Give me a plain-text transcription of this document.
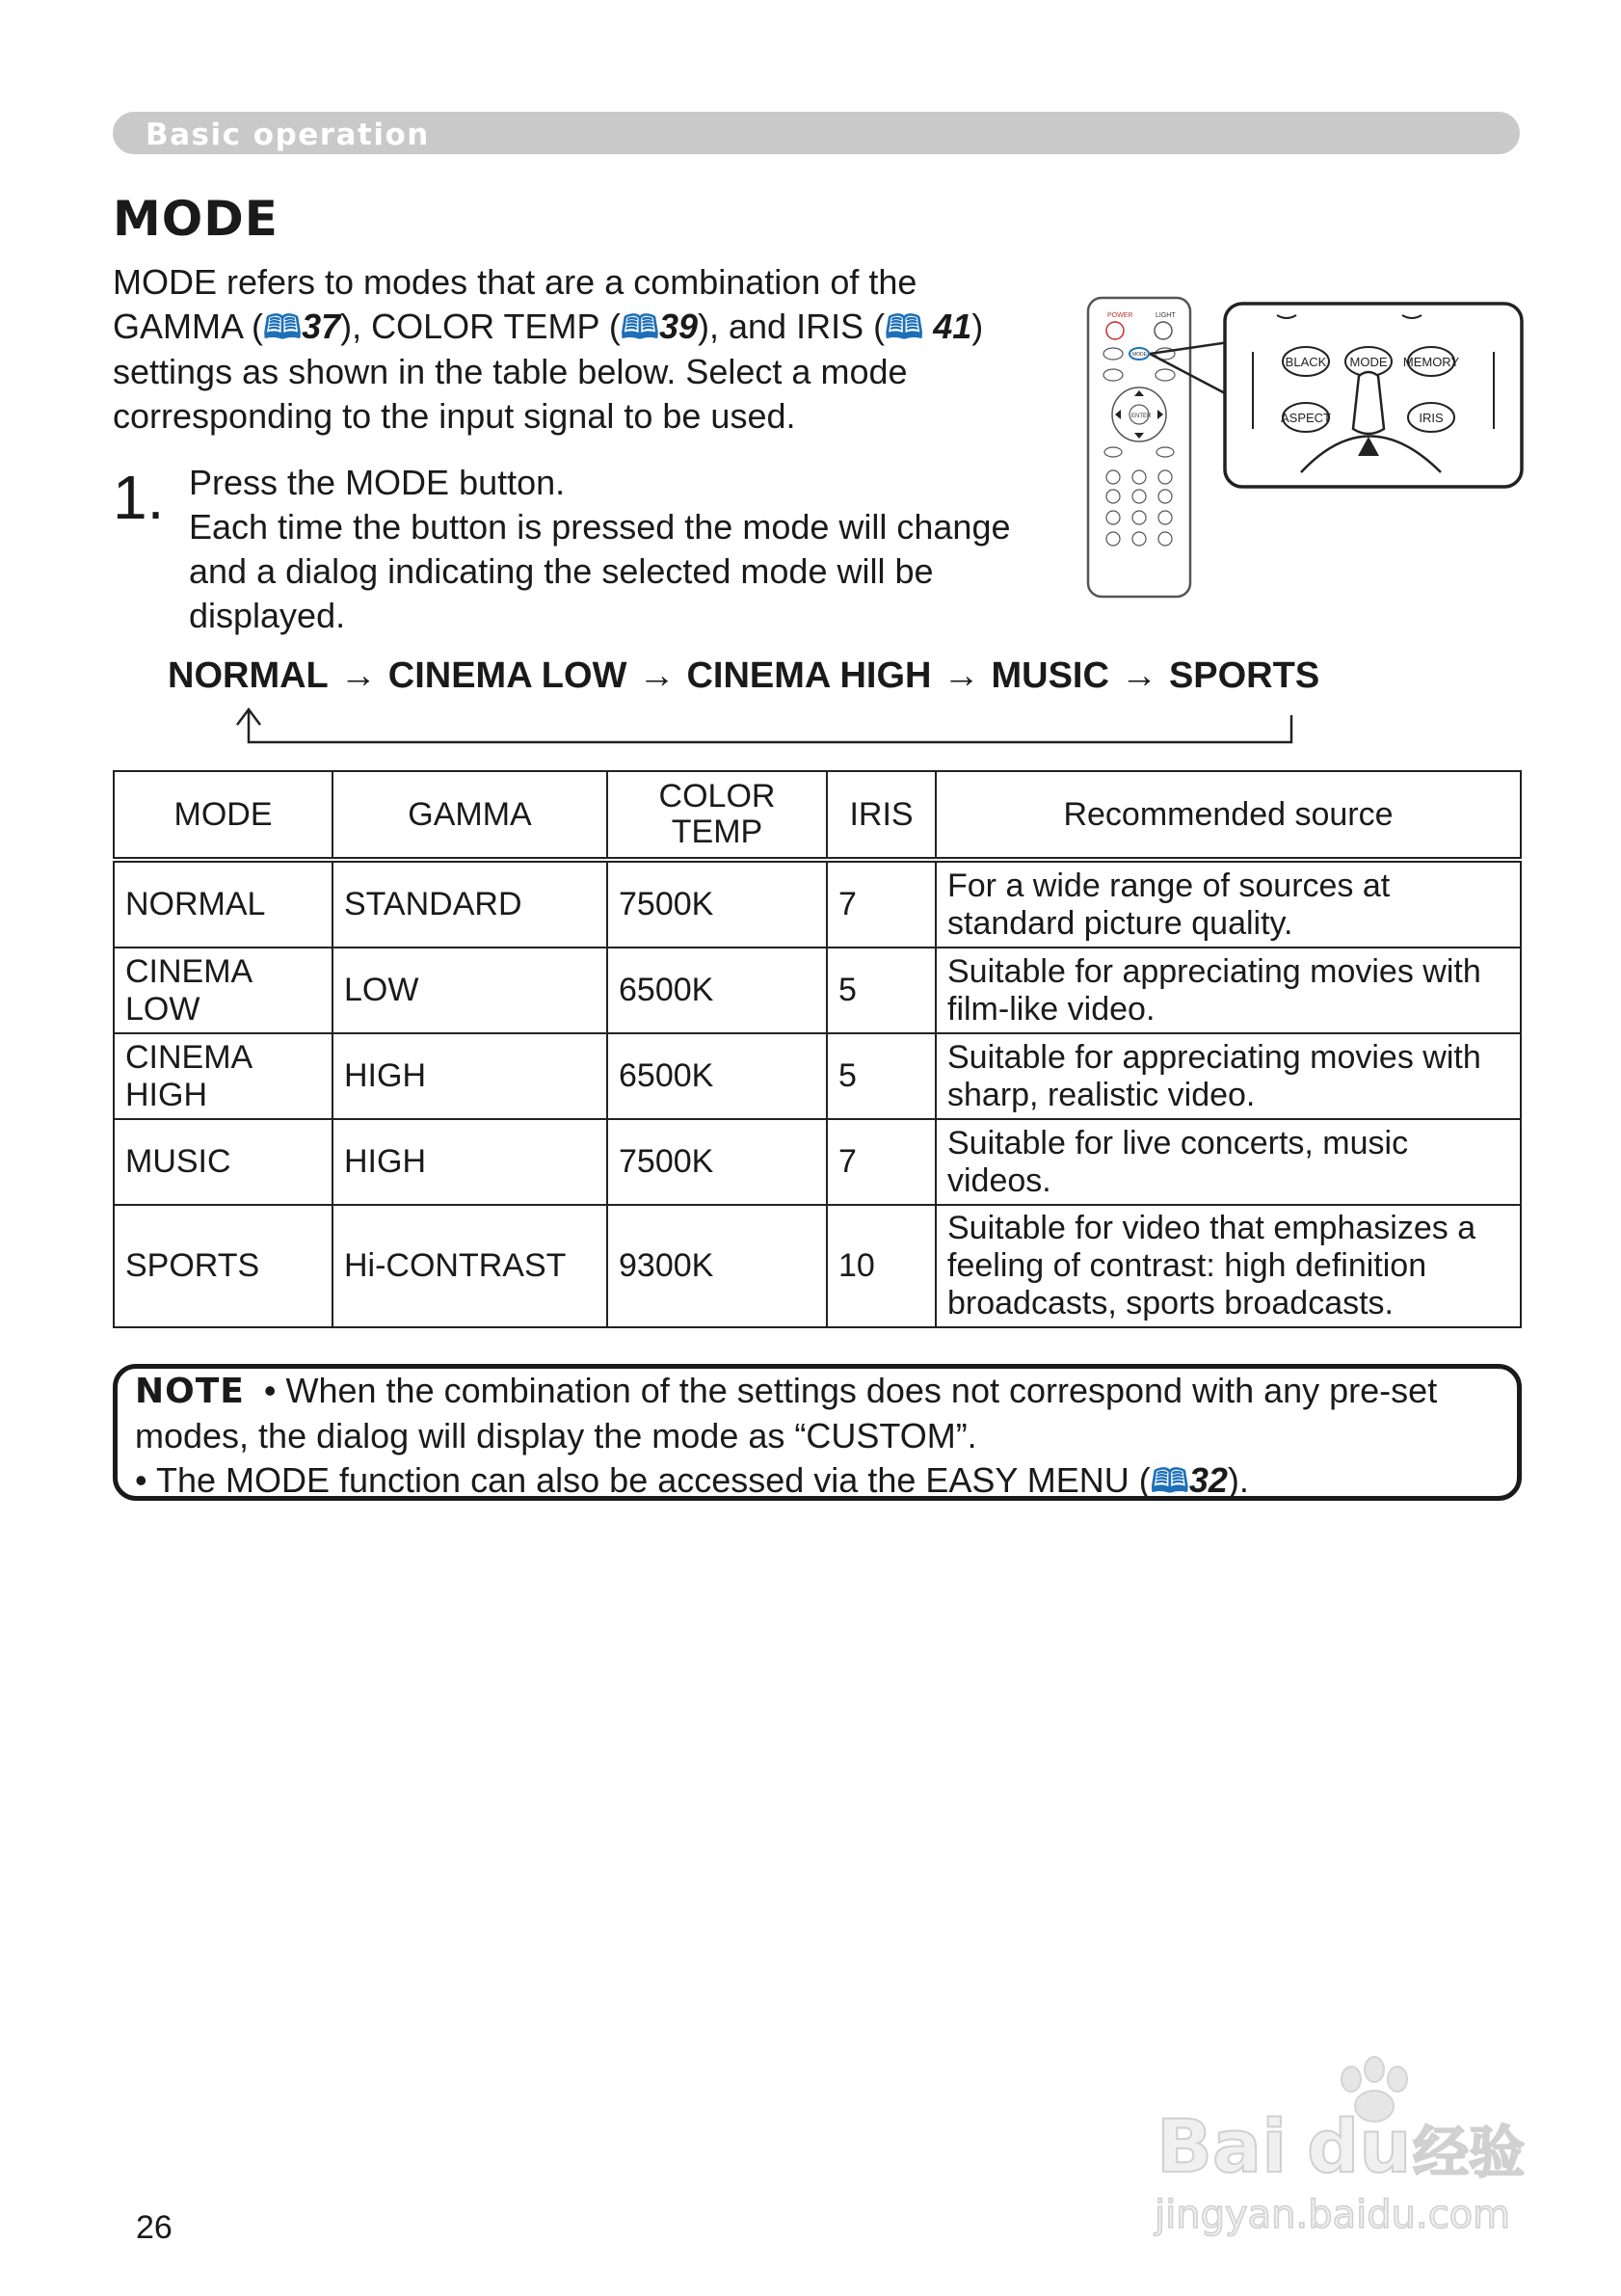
Basic operation
MODE

MODE refers to modes that are a combination of the GAMMA (🕮37), COLOR TEMP (🕮39), and IRIS (🕮 41) settings as shown in the table below. Select a mode corresponding to the input signal to be used.

1. Press the MODE button.
Each time the button is pressed the mode will change and a dialog indicating the selected mode will be displayed.

POWER	LIGHT
MODE
ENTER
BLACK MODE MEMORY
ASPECT	IRIS
NORMAL → CINEMA LOW → CINEMA HIGH → MUSIC → SPORTS
MODE	GAMMA	COLOR TEMP	IRIS	Recommended source
NORMAL	STANDARD	7500K	7	For a wide range of sources at standard picture quality.
CINEMA LOW	LOW	6500K	5	Suitable for appreciating movies with film-like video.
CINEMA HIGH	HIGH	6500K	5	Suitable for appreciating movies with sharp, realistic video.
MUSIC	HIGH	7500K	7	Suitable for live concerts, music videos.
SPORTS	Hi-CONTRAST	9300K	10	Suitable for video that emphasizes a feeling of contrast: high definition broadcasts, sports broadcasts.

NOTE • When the combination of the settings does not correspond with any pre-set modes, the dialog will display the mode as “CUSTOM”.

• The MODE function can also be accessed via the EASY MENU (🕮32).

26
Bai du 经验
jingyan.baidu.com
